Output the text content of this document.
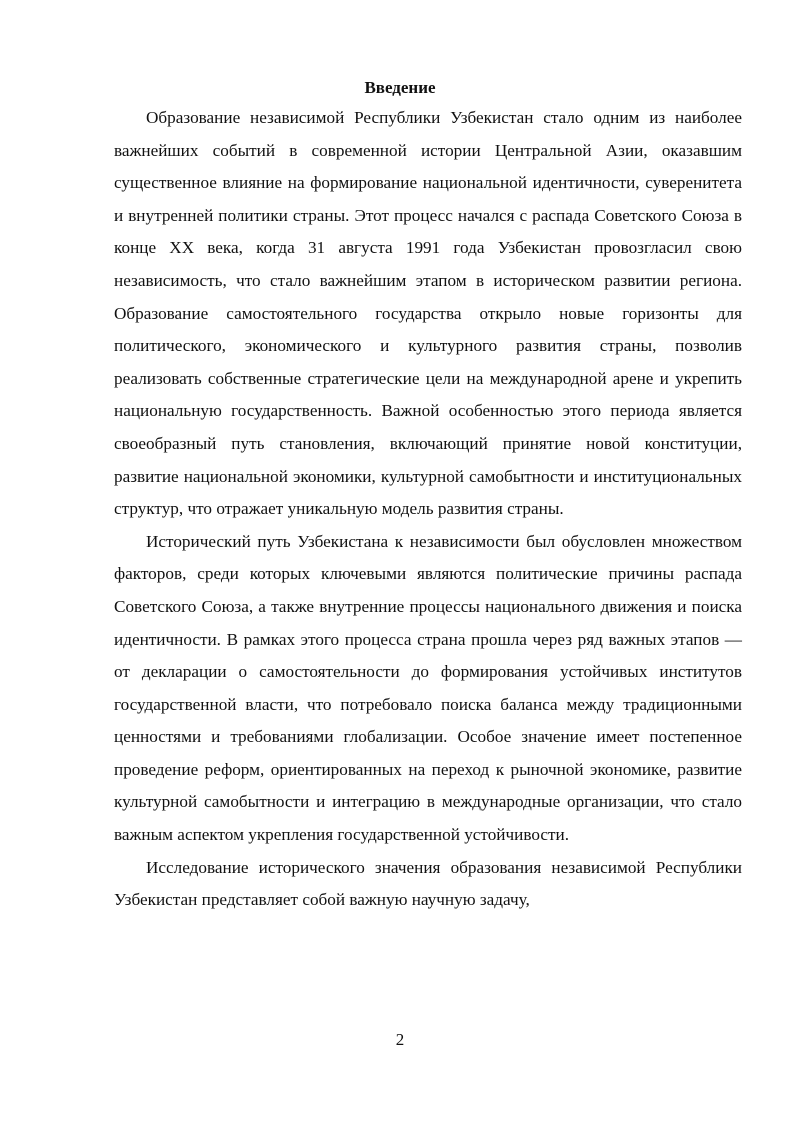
Введение

Образование независимой Республики Узбекистан стало одним из наиболее важнейших событий в современной истории Центральной Азии, оказавшим существенное влияние на формирование национальной идентичности, суверенитета и внутренней политики страны. Этот процесс начался с распада Советского Союза в конце XX века, когда 31 августа 1991 года Узбекистан провозгласил свою независимость, что стало важнейшим этапом в историческом развитии региона. Образование самостоятельного государства открыло новые горизонты для политического, экономического и культурного развития страны, позволив реализовать собственные стратегические цели на международной арене и укрепить национальную государственность. Важной особенностью этого периода является своеобразный путь становления, включающий принятие новой конституции, развитие национальной экономики, культурной самобытности и институциональных структур, что отражает уникальную модель развития страны.

Исторический путь Узбекистана к независимости был обусловлен множеством факторов, среди которых ключевыми являются политические причины распада Советского Союза, а также внутренние процессы национального движения и поиска идентичности. В рамках этого процесса страна прошла через ряд важных этапов — от декларации о самостоятельности до формирования устойчивых институтов государственной власти, что потребовало поиска баланса между традиционными ценностями и требованиями глобализации. Особое значение имеет постепенное проведение реформ, ориентированных на переход к рыночной экономике, развитие культурной самобытности и интеграцию в международные организации, что стало важным аспектом укрепления государственной устойчивости.

Исследование исторического значения образования независимой Республики Узбекистан представляет собой важную научную задачу,

2
